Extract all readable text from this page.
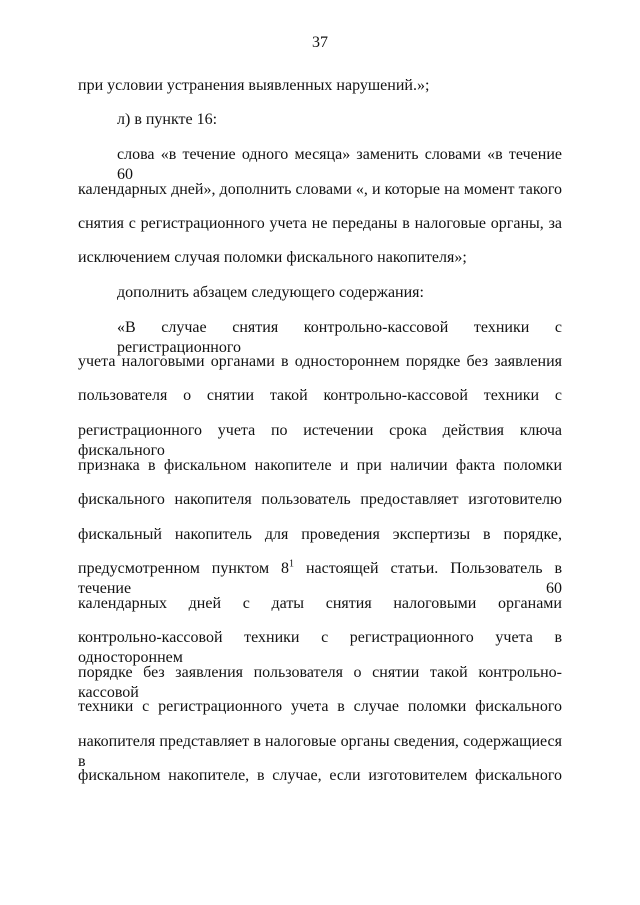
37
при условии устранения выявленных нарушений.»;
л) в пункте 16:
слова «в течение одного месяца» заменить словами «в течение 60
календарных дней», дополнить словами «, и которые на момент такого
снятия с регистрационного учета не переданы в налоговые органы, за
исключением случая поломки фискального накопителя»;
дополнить абзацем следующего содержания:
«В случае снятия контрольно-кассовой техники с регистрационного
учета налоговыми органами в одностороннем порядке без заявления
пользователя о снятии такой контрольно-кассовой техники с
регистрационного учета по истечении срока действия ключа фискального
признака в фискальном накопителе и при наличии факта поломки
фискального накопителя пользователь предоставляет изготовителю
фискальный накопитель для проведения экспертизы в порядке,
предусмотренном пунктом $8^1$ настоящей статьи. Пользователь в течение 60
календарных дней с даты снятия налоговыми органами
контрольно-кассовой техники с регистрационного учета в одностороннем
порядке без заявления пользователя о снятии такой контрольно-кассовой
техники с регистрационного учета в случае поломки фискального
накопителя представляет в налоговые органы сведения, содержащиеся в
фискальном накопителе, в случае, если изготовителем фискального
